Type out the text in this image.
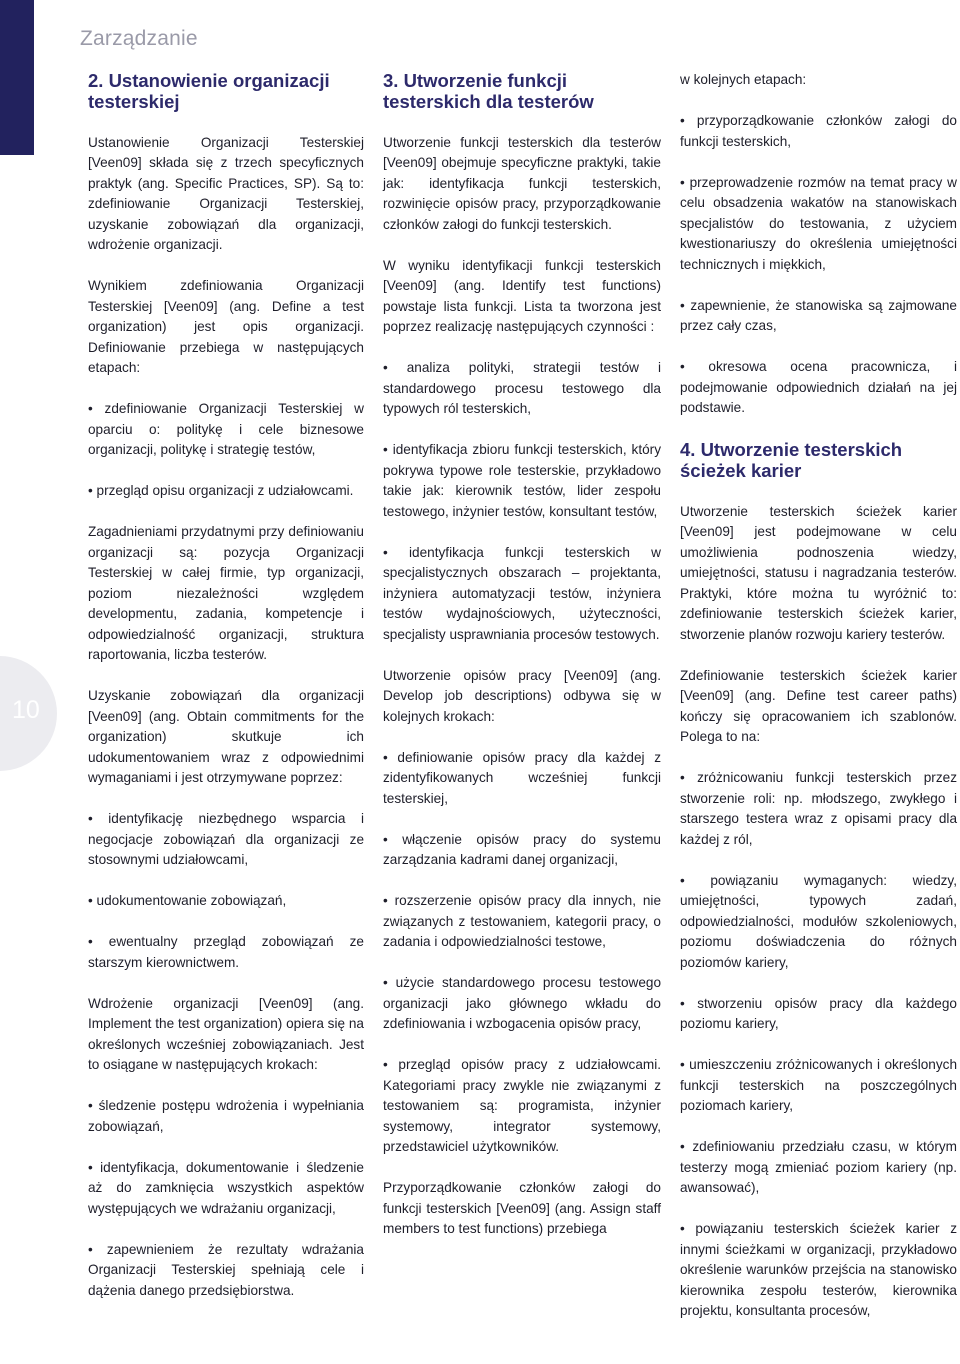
Zarządzanie
10
2. Ustanowienie organizacji testerskiej

Ustanowienie Organizacji Testerskiej [Veen09] składa się z trzech specyficznych praktyk (ang. Specific Practices, SP). Są to: zdefiniowanie Organizacji Testerskiej, uzyskanie zobowiązań dla organizacji, wdrożenie organizacji.

Wynikiem zdefiniowania Organizacji Testerskiej [Veen09] (ang. Define a test organization) jest opis organizacji. Definiowanie przebiega w następujących etapach:

• zdefiniowanie Organizacji Testerskiej w oparciu o: politykę i cele biznesowe organizacji, politykę i strategię testów,

• przegląd opisu organizacji z udziałowcami.

Zagadnieniami przydatnymi przy definiowaniu organizacji są: pozycja Organizacji Testerskiej w całej firmie, typ organizacji, poziom niezależności względem developmentu, zadania, kompetencje i odpowiedzialność organizacji, struktura raportowania, liczba testerów.

Uzyskanie zobowiązań dla organizacji [Veen09] (ang. Obtain commitments for the organization) skutkuje ich udokumentowaniem wraz z odpowiednimi wymaganiami i jest otrzymywane poprzez:

• identyfikację niezbędnego wsparcia i negocjacje zobowiązań dla organizacji ze stosownymi udziałowcami,

• udokumentowanie zobowiązań,

• ewentualny przegląd zobowiązań ze starszym kierownictwem.

Wdrożenie organizacji [Veen09] (ang. Implement the test organization) opiera się na określonych wcześniej zobowiązaniach. Jest to osiągane w następujących krokach:

• śledzenie postępu wdrożenia i wypełniania zobowiązań,

• identyfikacja, dokumentowanie i śledzenie aż do zamknięcia wszystkich aspektów występujących we wdrażaniu organizacji,

• zapewnieniem że rezultaty wdrażania Organizacji Testerskiej spełniają cele i dążenia danego przedsiębiorstwa.

3. Utworzenie funkcji testerskich dla testerów

Utworzenie funkcji testerskich dla testerów [Veen09] obejmuje specyficzne praktyki, takie jak: identyfikacja funkcji testerskich, rozwinięcie opisów pracy, przyporządkowanie członków załogi do funkcji testerskich.

W wyniku identyfikacji funkcji testerskich [Veen09] (ang. Identify test functions) powstaje lista funkcji. Lista ta tworzona jest poprzez realizację następujących czynności :

• analiza polityki, strategii testów i standardowego procesu testowego dla typowych ról testerskich,

• identyfikacja zbioru funkcji testerskich, który pokrywa typowe role testerskie, przykładowo takie jak: kierownik testów, lider zespołu testowego, inżynier testów, konsultant testów,

• identyfikacja funkcji testerskich w specjalistycznych obszarach – projektanta, inżyniera automatyzacji testów, inżyniera testów wydajnościowych, użyteczności, specjalisty usprawniania procesów testowych.

Utworzenie opisów pracy [Veen09] (ang. Develop job descriptions) odbywa się w kolejnych krokach:

• definiowanie opisów pracy dla każdej z zidentyfikowanych wcześniej funkcji testerskiej,

• włączenie opisów pracy do systemu zarządzania kadrami danej organizacji,

• rozszerzenie opisów pracy dla innych, nie związanych z testowaniem, kategorii pracy, o zadania i odpowiedzialności testowe,

• użycie standardowego procesu testowego organizacji jako głównego wkładu do zdefiniowania i wzbogacenia opisów pracy,

• przegląd opisów pracy z udziałowcami. Kategoriami pracy zwykle nie związanymi z testowaniem są: programista, inżynier systemowy, integrator systemowy, przedstawiciel użytkowników.

Przyporządkowanie członków załogi do funkcji testerskich [Veen09] (ang. Assign staff members to test functions) przebiega

w kolejnych etapach:

• przyporządkowanie członków załogi do funkcji testerskich,

• przeprowadzenie rozmów na temat pracy w celu obsadzenia wakatów na stanowiskach specjalistów do testowania, z użyciem kwestionariuszy do określenia umiejętności technicznych i miękkich,

• zapewnienie, że stanowiska są zajmowane przez cały czas,

• okresowa ocena pracownicza, i podejmowanie odpowiednich działań na jej podstawie.

4. Utworzenie testerskich ścieżek karier

Utworzenie testerskich ścieżek karier [Veen09] jest podejmowane w celu umożliwienia podnoszenia wiedzy, umiejętności, statusu i nagradzania testerów. Praktyki, które można tu wyróżnić to: zdefiniowanie testerskich ścieżek karier, stworzenie planów rozwoju kariery testerów.

Zdefiniowanie testerskich ścieżek karier [Veen09] (ang. Define test career paths) kończy się opracowaniem ich szablonów. Polega to na:

• zróżnicowaniu funkcji testerskich przez stworzenie roli: np. młodszego, zwykłego i starszego testera wraz z opisami pracy dla każdej z ról,

• powiązaniu wymaganych: wiedzy, umiejętności, typowych zadań, odpowiedzialności, modułów szkoleniowych, poziomu doświadczenia do różnych poziomów kariery,

• stworzeniu opisów pracy dla każdego poziomu kariery,

• umieszczeniu zróżnicowanych i określonych funkcji testerskich na poszczególnych poziomach kariery,

• zdefiniowaniu przedziału czasu, w którym testerzy mogą zmieniać poziom kariery (np. awansować),

• powiązaniu testerskich ścieżek karier z innymi ścieżkami w organizacji, przykładowo określenie warunków przejścia na stanowisko kierownika zespołu testerów, kierownika projektu, konsultanta procesów,
